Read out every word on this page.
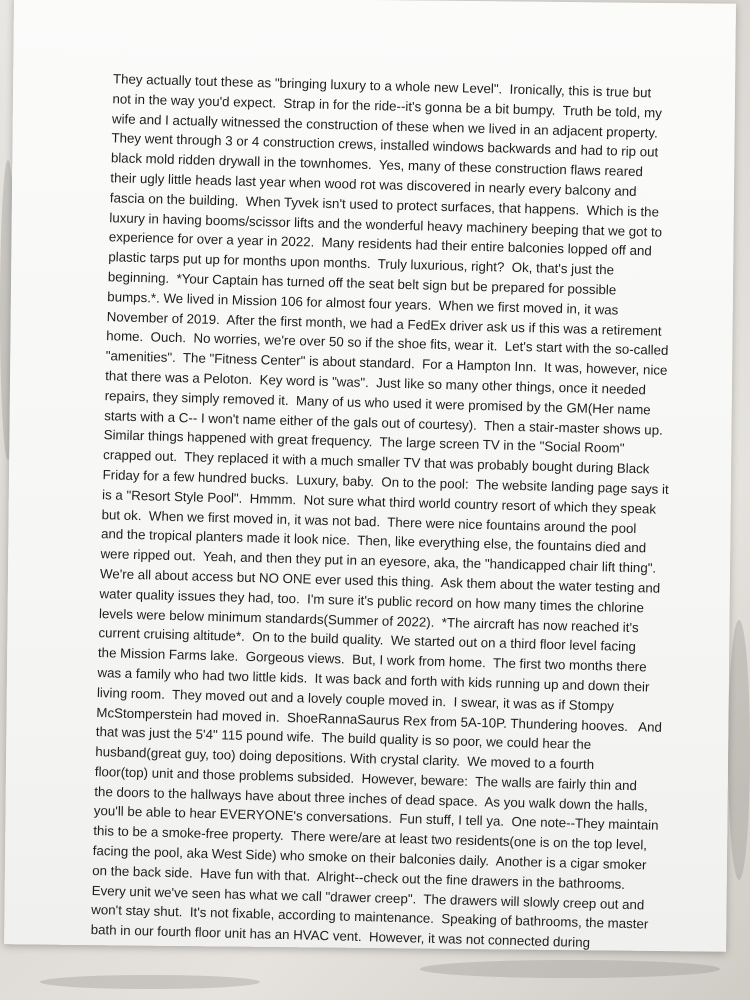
They actually tout these as "bringing luxury to a whole new Level".  Ironically, this is true but
not in the way you'd expect.  Strap in for the ride--it's gonna be a bit bumpy.  Truth be told, my
wife and I actually witnessed the construction of these when we lived in an adjacent property.
They went through 3 or 4 construction crews, installed windows backwards and had to rip out
black mold ridden drywall in the townhomes.  Yes, many of these construction flaws reared
their ugly little heads last year when wood rot was discovered in nearly every balcony and
fascia on the building.  When Tyvek isn't used to protect surfaces, that happens.  Which is the
luxury in having booms/scissor lifts and the wonderful heavy machinery beeping that we got to
experience for over a year in 2022.  Many residents had their entire balconies lopped off and
plastic tarps put up for months upon months.  Truly luxurious, right?  Ok, that's just the
beginning.  *Your Captain has turned off the seat belt sign but be prepared for possible
bumps.*. We lived in Mission 106 for almost four years.  When we first moved in, it was
November of 2019.  After the first month, we had a FedEx driver ask us if this was a retirement
home.  Ouch.  No worries, we're over 50 so if the shoe fits, wear it.  Let's start with the so-called
"amenities".  The "Fitness Center" is about standard.  For a Hampton Inn.  It was, however, nice
that there was a Peloton.  Key word is "was".  Just like so many other things, once it needed
repairs, they simply removed it.  Many of us who used it were promised by the GM(Her name
starts with a C-- I won't name either of the gals out of courtesy).  Then a stair-master shows up.
Similar things happened with great frequency.  The large screen TV in the "Social Room"
crapped out.  They replaced it with a much smaller TV that was probably bought during Black
Friday for a few hundred bucks.  Luxury, baby.  On to the pool:  The website landing page says it
is a "Resort Style Pool".  Hmmm.  Not sure what third world country resort of which they speak
but ok.  When we first moved in, it was not bad.  There were nice fountains around the pool
and the tropical planters made it look nice.  Then, like everything else, the fountains died and
were ripped out.  Yeah, and then they put in an eyesore, aka, the "handicapped chair lift thing".
We're all about access but NO ONE ever used this thing.  Ask them about the water testing and
water quality issues they had, too.  I'm sure it's public record on how many times the chlorine
levels were below minimum standards(Summer of 2022).  *The aircraft has now reached it's
current cruising altitude*.  On to the build quality.  We started out on a third floor level facing
the Mission Farms lake.  Gorgeous views.  But, I work from home.  The first two months there
was a family who had two little kids.  It was back and forth with kids running up and down their
living room.  They moved out and a lovely couple moved in.  I swear, it was as if Stompy
McStomperstein had moved in.  ShoeRannaSaurus Rex from 5A-10P. Thundering hooves.   And
that was just the 5'4" 115 pound wife.  The build quality is so poor, we could hear the
husband(great guy, too) doing depositions. With crystal clarity.  We moved to a fourth
floor(top) unit and those problems subsided.  However, beware:  The walls are fairly thin and
the doors to the hallways have about three inches of dead space.  As you walk down the halls,
you'll be able to hear EVERYONE's conversations.  Fun stuff, I tell ya.  One note--They maintain
this to be a smoke-free property.  There were/are at least two residents(one is on the top level,
facing the pool, aka West Side) who smoke on their balconies daily.  Another is a cigar smoker
on the back side.  Have fun with that.  Alright--check out the fine drawers in the bathrooms.
Every unit we've seen has what we call "drawer creep".  The drawers will slowly creep out and
won't stay shut.  It's not fixable, according to maintenance.  Speaking of bathrooms, the master
bath in our fourth floor unit has an HVAC vent.  However, it was not connected during
